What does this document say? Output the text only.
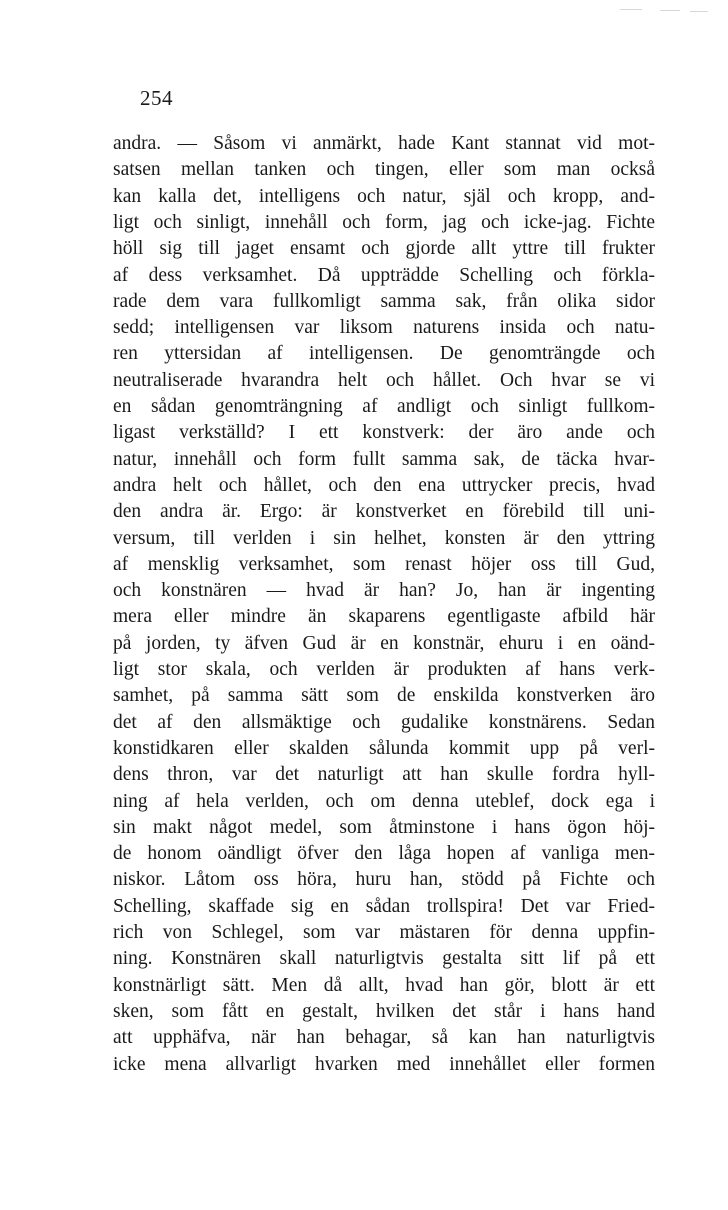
254
andra. — Såsom vi anmärkt, hade Kant stannat vid mot-
satsen mellan tanken och tingen, eller som man också
kan kalla det, intelligens och natur, själ och kropp, and-
ligt och sinligt, innehåll och form, jag och icke-jag. Fichte
höll sig till jaget ensamt och gjorde allt yttre till frukter
af dess verksamhet. Då uppträdde Schelling och förkla-
rade dem vara fullkomligt samma sak, från olika sidor
sedd; intelligensen var liksom naturens insida och natu-
ren yttersidan af intelligensen. De genomträngde och
neutraliserade hvarandra helt och hållet. Och hvar se vi
en sådan genomträngning af andligt och sinligt fullkom-
ligast verkställd? I ett konstverk: der äro ande och
natur, innehåll och form fullt samma sak, de täcka hvar-
andra helt och hållet, och den ena uttrycker precis, hvad
den andra är. Ergo: är konstverket en förebild till uni-
versum, till verlden i sin helhet, konsten är den yttring
af mensklig verksamhet, som renast höjer oss till Gud,
och konstnären — hvad är han? Jo, han är ingenting
mera eller mindre än skaparens egentligaste afbild här
på jorden, ty äfven Gud är en konstnär, ehuru i en oänd-
ligt stor skala, och verlden är produkten af hans verk-
samhet, på samma sätt som de enskilda konstverken äro
det af den allsmäktige och gudalike konstnärens. Sedan
konstidkaren eller skalden sålunda kommit upp på verl-
dens thron, var det naturligt att han skulle fordra hyll-
ning af hela verlden, och om denna uteblef, dock ega i
sin makt något medel, som åtminstone i hans ögon höj-
de honom oändligt öfver den låga hopen af vanliga men-
niskor. Låtom oss höra, huru han, stödd på Fichte och
Schelling, skaffade sig en sådan trollspira! Det var Fried-
rich von Schlegel, som var mästaren för denna uppfin-
ning. Konstnären skall naturligtvis gestalta sitt lif på ett
konstnärligt sätt. Men då allt, hvad han gör, blott är ett
sken, som fått en gestalt, hvilken det står i hans hand
att upphäfva, när han behagar, så kan han naturligtvis
icke mena allvarligt hvarken med innehållet eller formen
